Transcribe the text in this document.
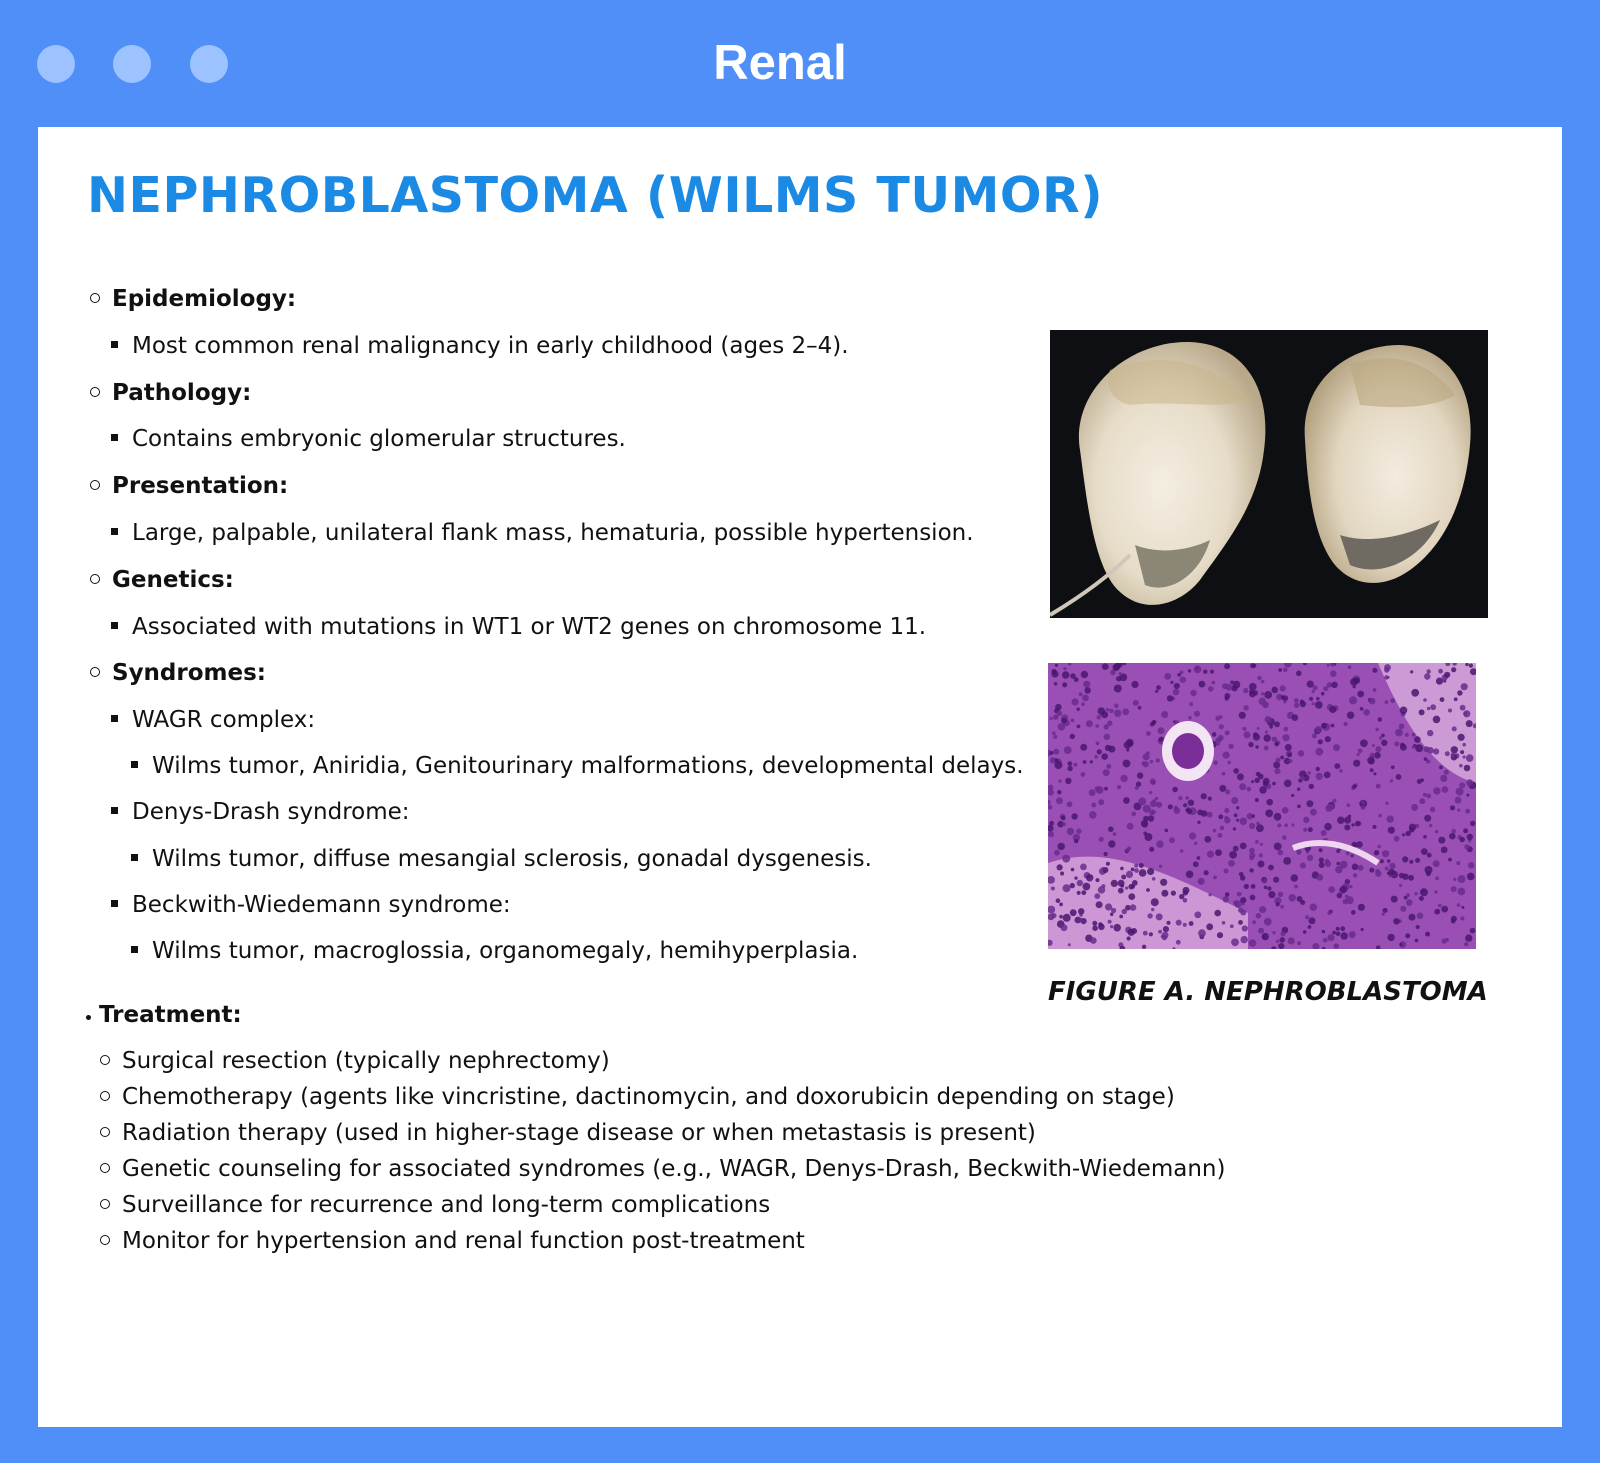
Renal
NEPHROBLASTOMA (WILMS TUMOR)
Epidemiology:
Most common renal malignancy in early childhood (ages 2–4).
Pathology:
Contains embryonic glomerular structures.
Presentation:
Large, palpable, unilateral flank mass, hematuria, possible hypertension.
Genetics:
Associated with mutations in WT1 or WT2 genes on chromosome 11.
Syndromes:
WAGR complex:
Wilms tumor, Aniridia, Genitourinary malformations, developmental delays.
Denys-Drash syndrome:
Wilms tumor, diffuse mesangial sclerosis, gonadal dysgenesis.
Beckwith-Wiedemann syndrome:
Wilms tumor, macroglossia, organomegaly, hemihyperplasia.
Treatment:
Surgical resection (typically nephrectomy)
Chemotherapy (agents like vincristine, dactinomycin, and doxorubicin depending on stage)
Radiation therapy (used in higher-stage disease or when metastasis is present)
Genetic counseling for associated syndromes (e.g., WAGR, Denys-Drash, Beckwith-Wiedemann)
Surveillance for recurrence and long-term complications
Monitor for hypertension and renal function post-treatment
FIGURE A. NEPHROBLASTOMA
